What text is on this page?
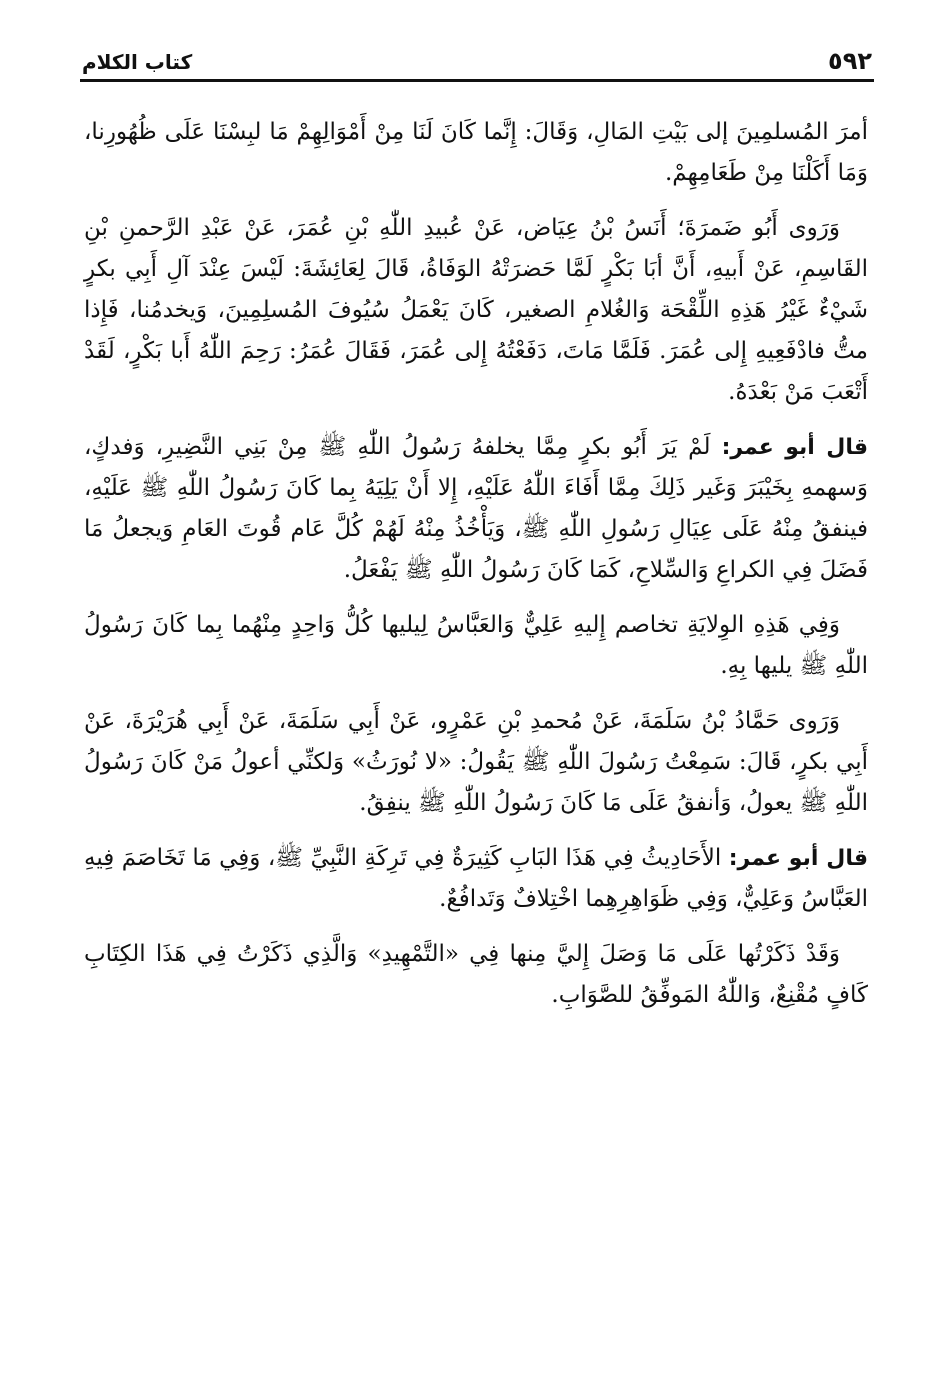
٥٩٢
كتاب الكلام

أمرَ المُسلمِينَ إلى بَيْتِ المَالِ، وَقَالَ: إِنَّما كَانَ لَنَا مِنْ أَمْوَالِهِمْ مَا لبِسْنَا عَلَى ظُهُورِنا، وَمَا أَكَلْنَا مِنْ طَعَامِهِمْ.

وَرَوى أَبُو ضَمرَةَ؛ أَنَسُ بْنُ عِيَاض، عَنْ عُبيدِ اللّٰهِ بْنِ عُمَرَ، عَنْ عَبْدِ الرَّحمنِ بْنِ القَاسِمِ، عَنْ أَبيهِ، أَنَّ أبَا بَكْرٍ لَمَّا حَضرَتْهُ الوَفَاةُ، قَالَ لِعَائِشَةَ: لَيْسَ عِنْدَ آلِ أَبِي بكرٍ شَيْءٌ غَيْرُ هَذِهِ اللِّقْحَة وَالغُلامِ الصغير، كَانَ يَعْمَلُ سُيُوفَ المُسلِمِينَ، وَيخدمُنا، فَإِذا متُّ فادْفَعِيهِ إِلى عُمَرَ. فَلَمَّا مَاتَ، دَفَعْتُهُ إِلى عُمَرَ، فَقَالَ عُمَرُ: رَحِمَ اللّٰهُ أَبا بَكْرٍ، لَقَدْ أَتْعَبَ مَنْ بَعْدَهُ.

قال أبو عمر: لَمْ يَرَ أَبُو بكرٍ مِمَّا يخلفهُ رَسُولُ اللّٰهِ ﷺ مِنْ بَنِي النَّضِيرِ، وَفدكٍ، وَسهمهِ بِخَيْبَرَ وَغَير ذَلِكَ مِمَّا أَفَاءَ اللّٰهُ عَلَيْهِ، إِلا أَنْ يَلِيَهُ بِما كَانَ رَسُولُ اللّٰهِ ﷺ عَلَيْهِ، فينفقُ مِنْهُ عَلَى عِيَالِ رَسُولِ اللّٰهِ ﷺ، وَيَأْخُذُ مِنْهُ لَهُمْ كُلَّ عَام قُوتَ العَامِ وَيجعلُ مَا فَضَلَ فِي الكراعِ وَالسِّلاحِ، كَمَا كَانَ رَسُولُ اللّٰهِ ﷺ يَفْعَلُ.

وَفِي هَذِهِ الوِلايَةِ تخاصم إِليهِ عَلِيٌّ وَالعَبَّاسُ لِيليها كُلُّ وَاحِدٍ مِنْهُما بِما كَانَ رَسُولُ اللّٰهِ ﷺ يليها بِهِ.

وَرَوى حَمَّادُ بْنُ سَلَمَةَ، عَنْ مُحمدِ بْنِ عَمْرٍو، عَنْ أَبِي سَلَمَةَ، عَنْ أَبِي هُرَيْرَةَ، عَنْ أَبِي بكرٍ، قَالَ: سَمِعْتُ رَسُولَ اللّٰهِ ﷺ يَقُولُ: «لا نُورَثُ» وَلكنِّي أعولُ مَنْ كَانَ رَسُولُ اللّٰهِ ﷺ يعولُ، وَأنفقُ عَلَى مَا كَانَ رَسُولُ اللّٰهِ ﷺ ينفِقُ.

قال أبو عمر: الأَحَادِيثُ فِي هَذَا البَابِ كَثِيرَةٌ فِي تَرِكَةِ النَّبِيِّ ﷺ، وَفِي مَا تَخَاصَمَ فِيهِ العَبَّاسُ وَعَلِيٌّ، وَفِي ظَوَاهِرِهِما اخْتِلافٌ وَتَدافُعٌ.

وَقَدْ ذَكَرْتُها عَلَى مَا وَصَلَ إِليَّ مِنها فِي «التَّمْهِيدِ» وَالَّذِي ذَكَرْتُ فِي هَذَا الكِتَابِ كَافٍ مُقْنِعٌ، وَاللّٰهُ المَوفِّقُ للصَّوَابِ.
